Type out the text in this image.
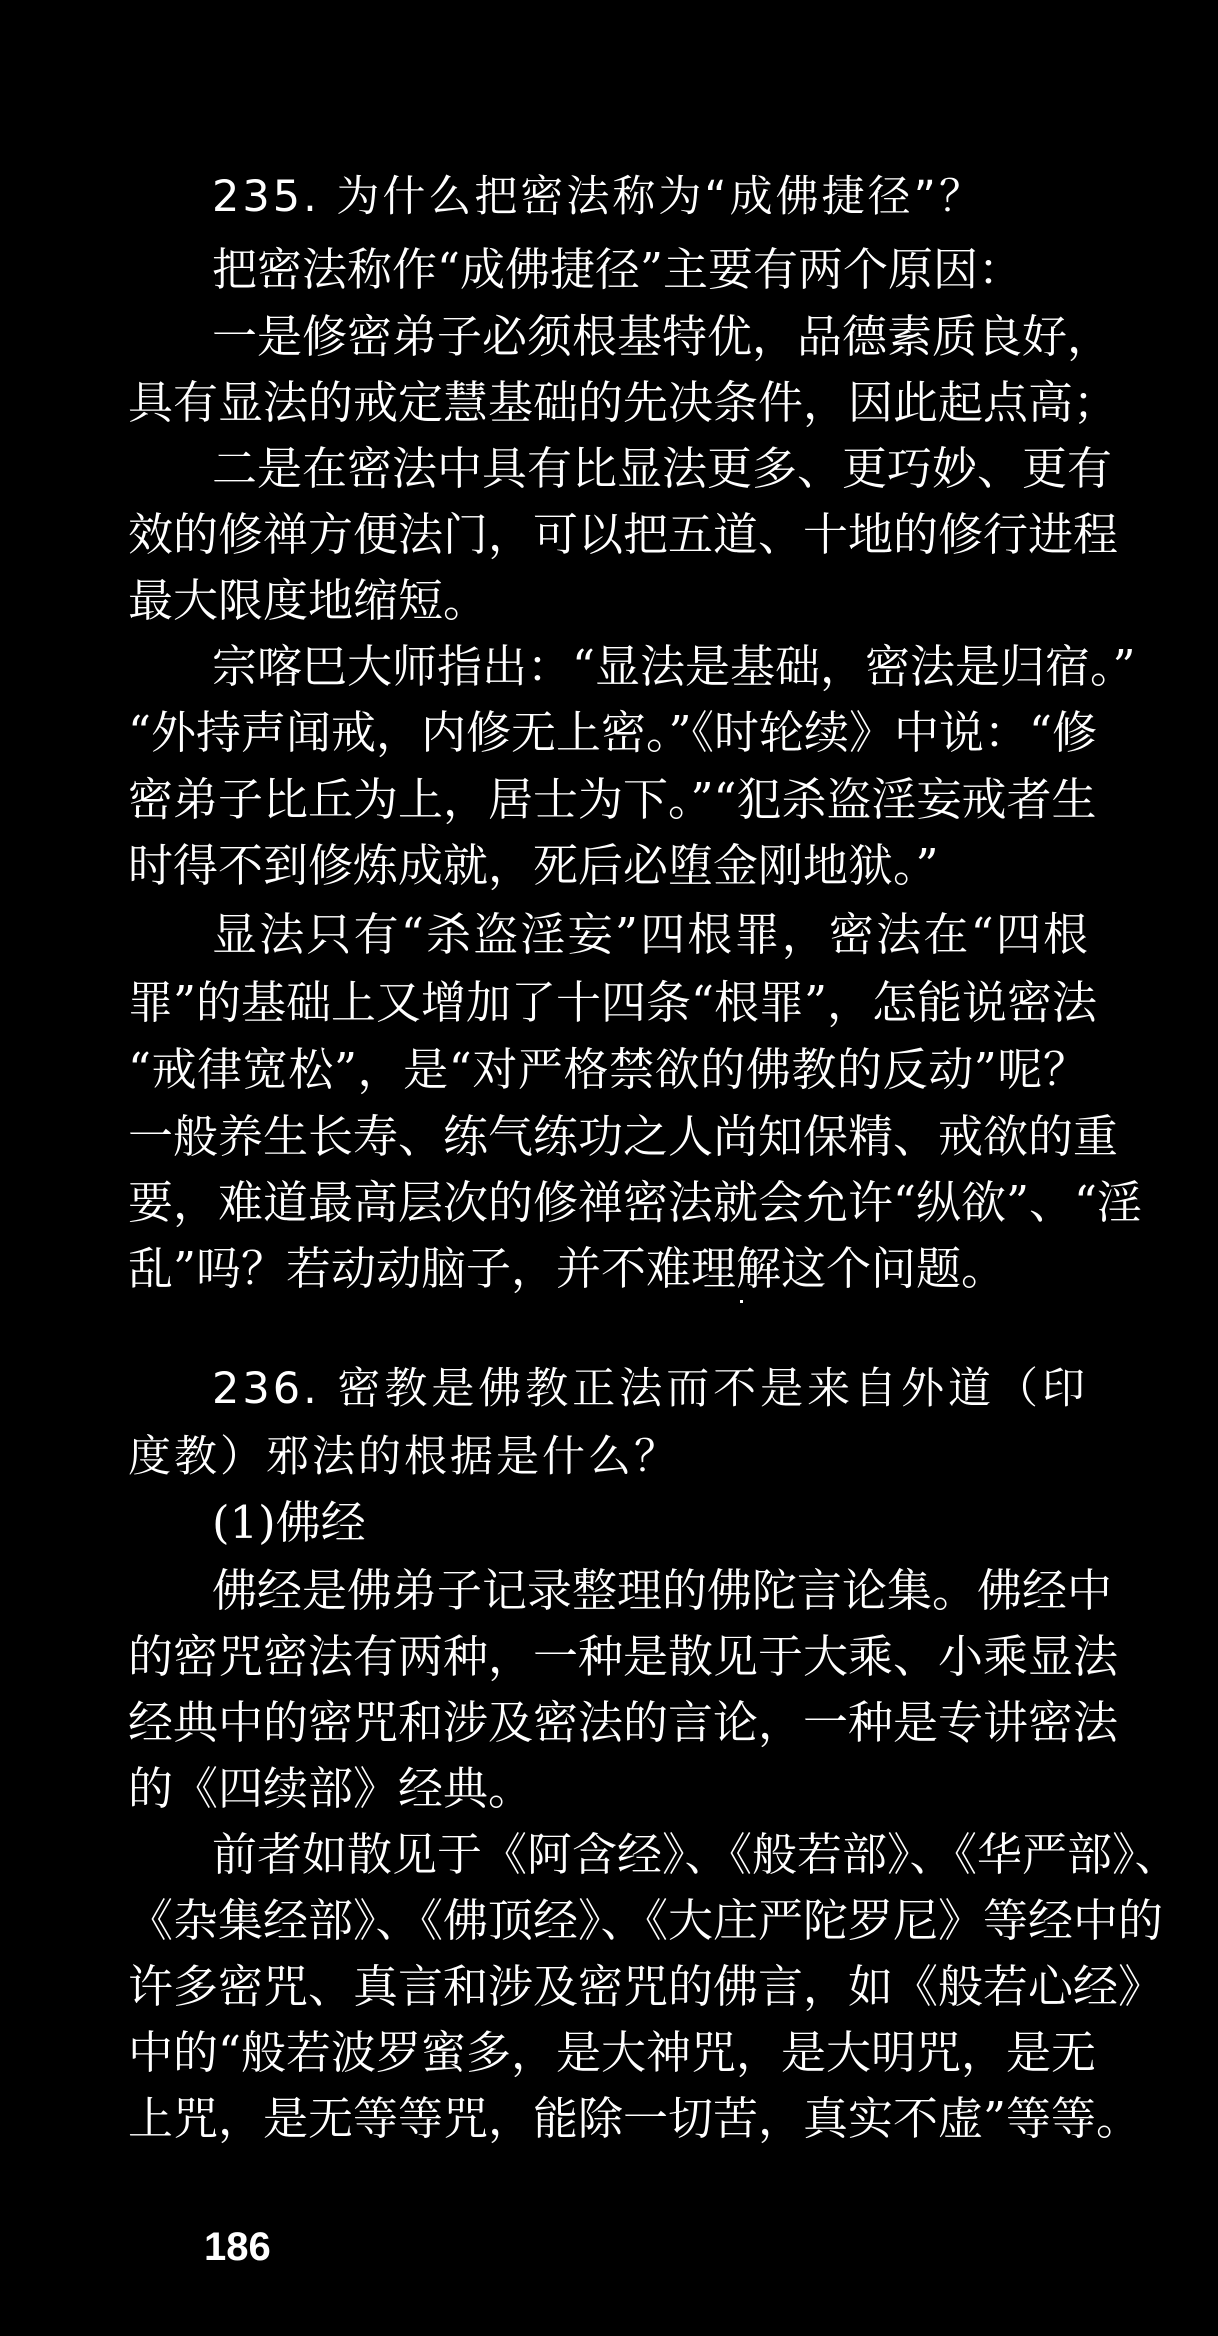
235. 为什么把密法称为“成佛捷径”？
把密法称作“成佛捷径”主要有两个原因：
一是修密弟子必须根基特优，品德素质良好，
具有显法的戒定慧基础的先决条件，因此起点高；
二是在密法中具有比显法更多、更巧妙、更有
效的修禅方便法门，可以把五道、十地的修行进程
最大限度地缩短。
宗喀巴大师指出：“显法是基础，密法是归宿。”
“外持声闻戒，内修无上密。”《时轮续》中说：“修
密弟子比丘为上，居士为下。”“犯杀盗淫妄戒者生
时得不到修炼成就，死后必堕金刚地狱。”
显法只有“杀盗淫妄”四根罪，密法在“四根
罪”的基础上又增加了十四条“根罪”，怎能说密法
“戒律宽松”，是“对严格禁欲的佛教的反动”呢？
一般养生长寿、练气练功之人尚知保精、戒欲的重
要，难道最高层次的修禅密法就会允许“纵欲”、“淫
乱”吗？若动动脑子，并不难理解这个问题。
236. 密教是佛教正法而不是来自外道（印
度教）邪法的根据是什么？
(1)佛经
佛经是佛弟子记录整理的佛陀言论集。佛经中
的密咒密法有两种，一种是散见于大乘、小乘显法
经典中的密咒和涉及密法的言论，一种是专讲密法
的《四续部》经典。
前者如散见于《阿含经》、《般若部》、《华严部》、
《杂集经部》、《佛顶经》、《大庄严陀罗尼》等经中的
许多密咒、真言和涉及密咒的佛言，如《般若心经》
中的“般若波罗蜜多，是大神咒，是大明咒，是无
上咒，是无等等咒，能除一切苦，真实不虚”等等。
186
